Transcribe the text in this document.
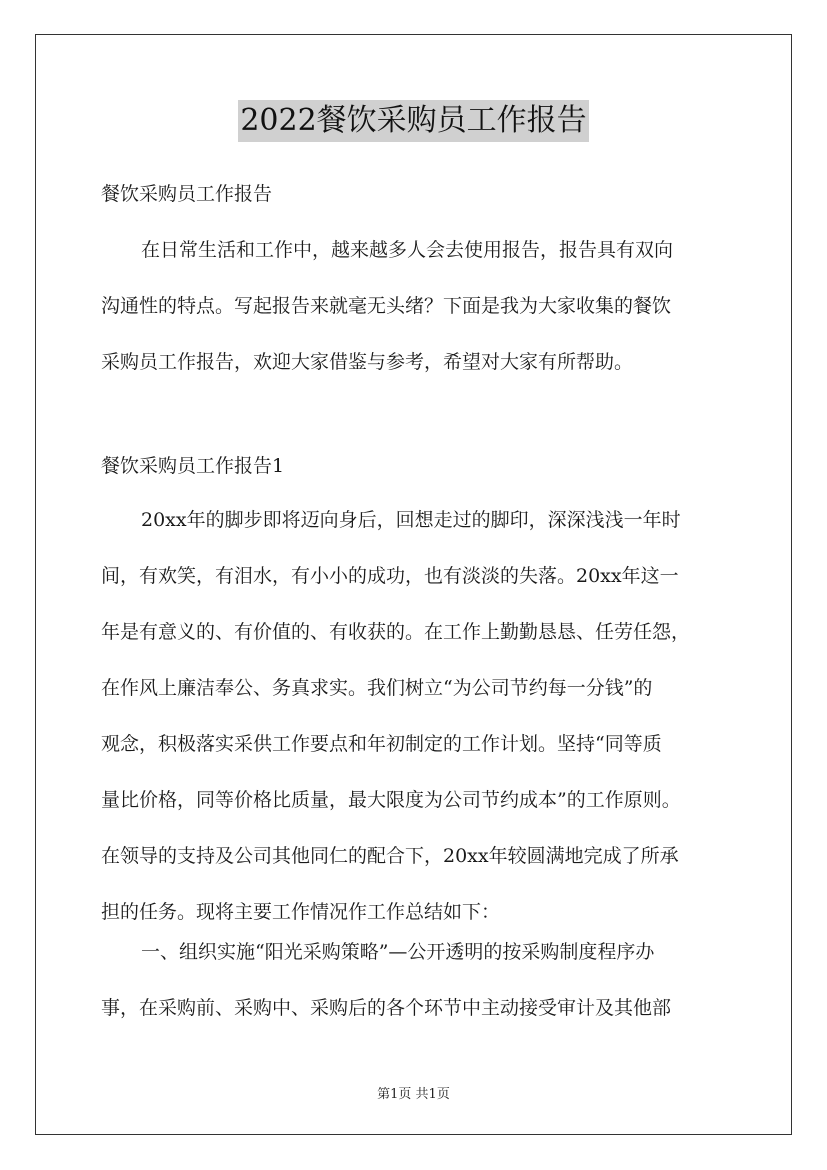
2022餐饮采购员工作报告
餐饮采购员工作报告
在日常生活和工作中，越来越多人会去使用报告，报告具有双向
沟通性的特点。写起报告来就毫无头绪？下面是我为大家收集的餐饮
采购员工作报告，欢迎大家借鉴与参考，希望对大家有所帮助。
餐饮采购员工作报告1
20xx年的脚步即将迈向身后，回想走过的脚印，深深浅浅一年时
间，有欢笑，有泪水，有小小的成功，也有淡淡的失落。20xx年这一
年是有意义的、有价值的、有收获的。在工作上勤勤恳恳、任劳任怨，
在作风上廉洁奉公、务真求实。我们树立“为公司节约每一分钱”的
观念，积极落实采供工作要点和年初制定的工作计划。坚持“同等质
量比价格，同等价格比质量，最大限度为公司节约成本”的工作原则。
在领导的支持及公司其他同仁的配合下，20xx年较圆满地完成了所承
担的任务。现将主要工作情况作工作总结如下：
一、组织实施“阳光采购策略”—公开透明的按采购制度程序办
事，在采购前、采购中、采购后的各个环节中主动接受审计及其他部
第1页 共1页
